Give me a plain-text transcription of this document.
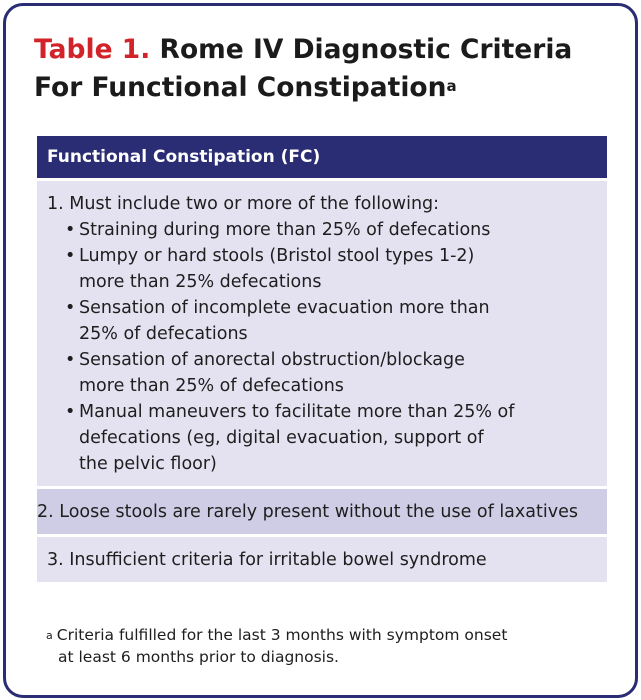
Table 1. Rome IV Diagnostic Criteria
For Functional Constipation$^a$
Functional Constipation (FC)
1. Must include two or more of the following:
• Straining during more than 25% of defecations
• Lumpy or hard stools (Bristol stool types 1-2)
more than 25% defecations
• Sensation of incomplete evacuation more than
25% of defecations
• Sensation of anorectal obstruction/blockage
more than 25% of defecations
• Manual maneuvers to facilitate more than 25% of
defecations (eg, digital evacuation, support of
the pelvic floor)
2. Loose stools are rarely present without the use of laxatives
3. Insufficient criteria for irritable bowel syndrome
$^a$ Criteria fulfilled for the last 3 months with symptom onset
at least 6 months prior to diagnosis.
